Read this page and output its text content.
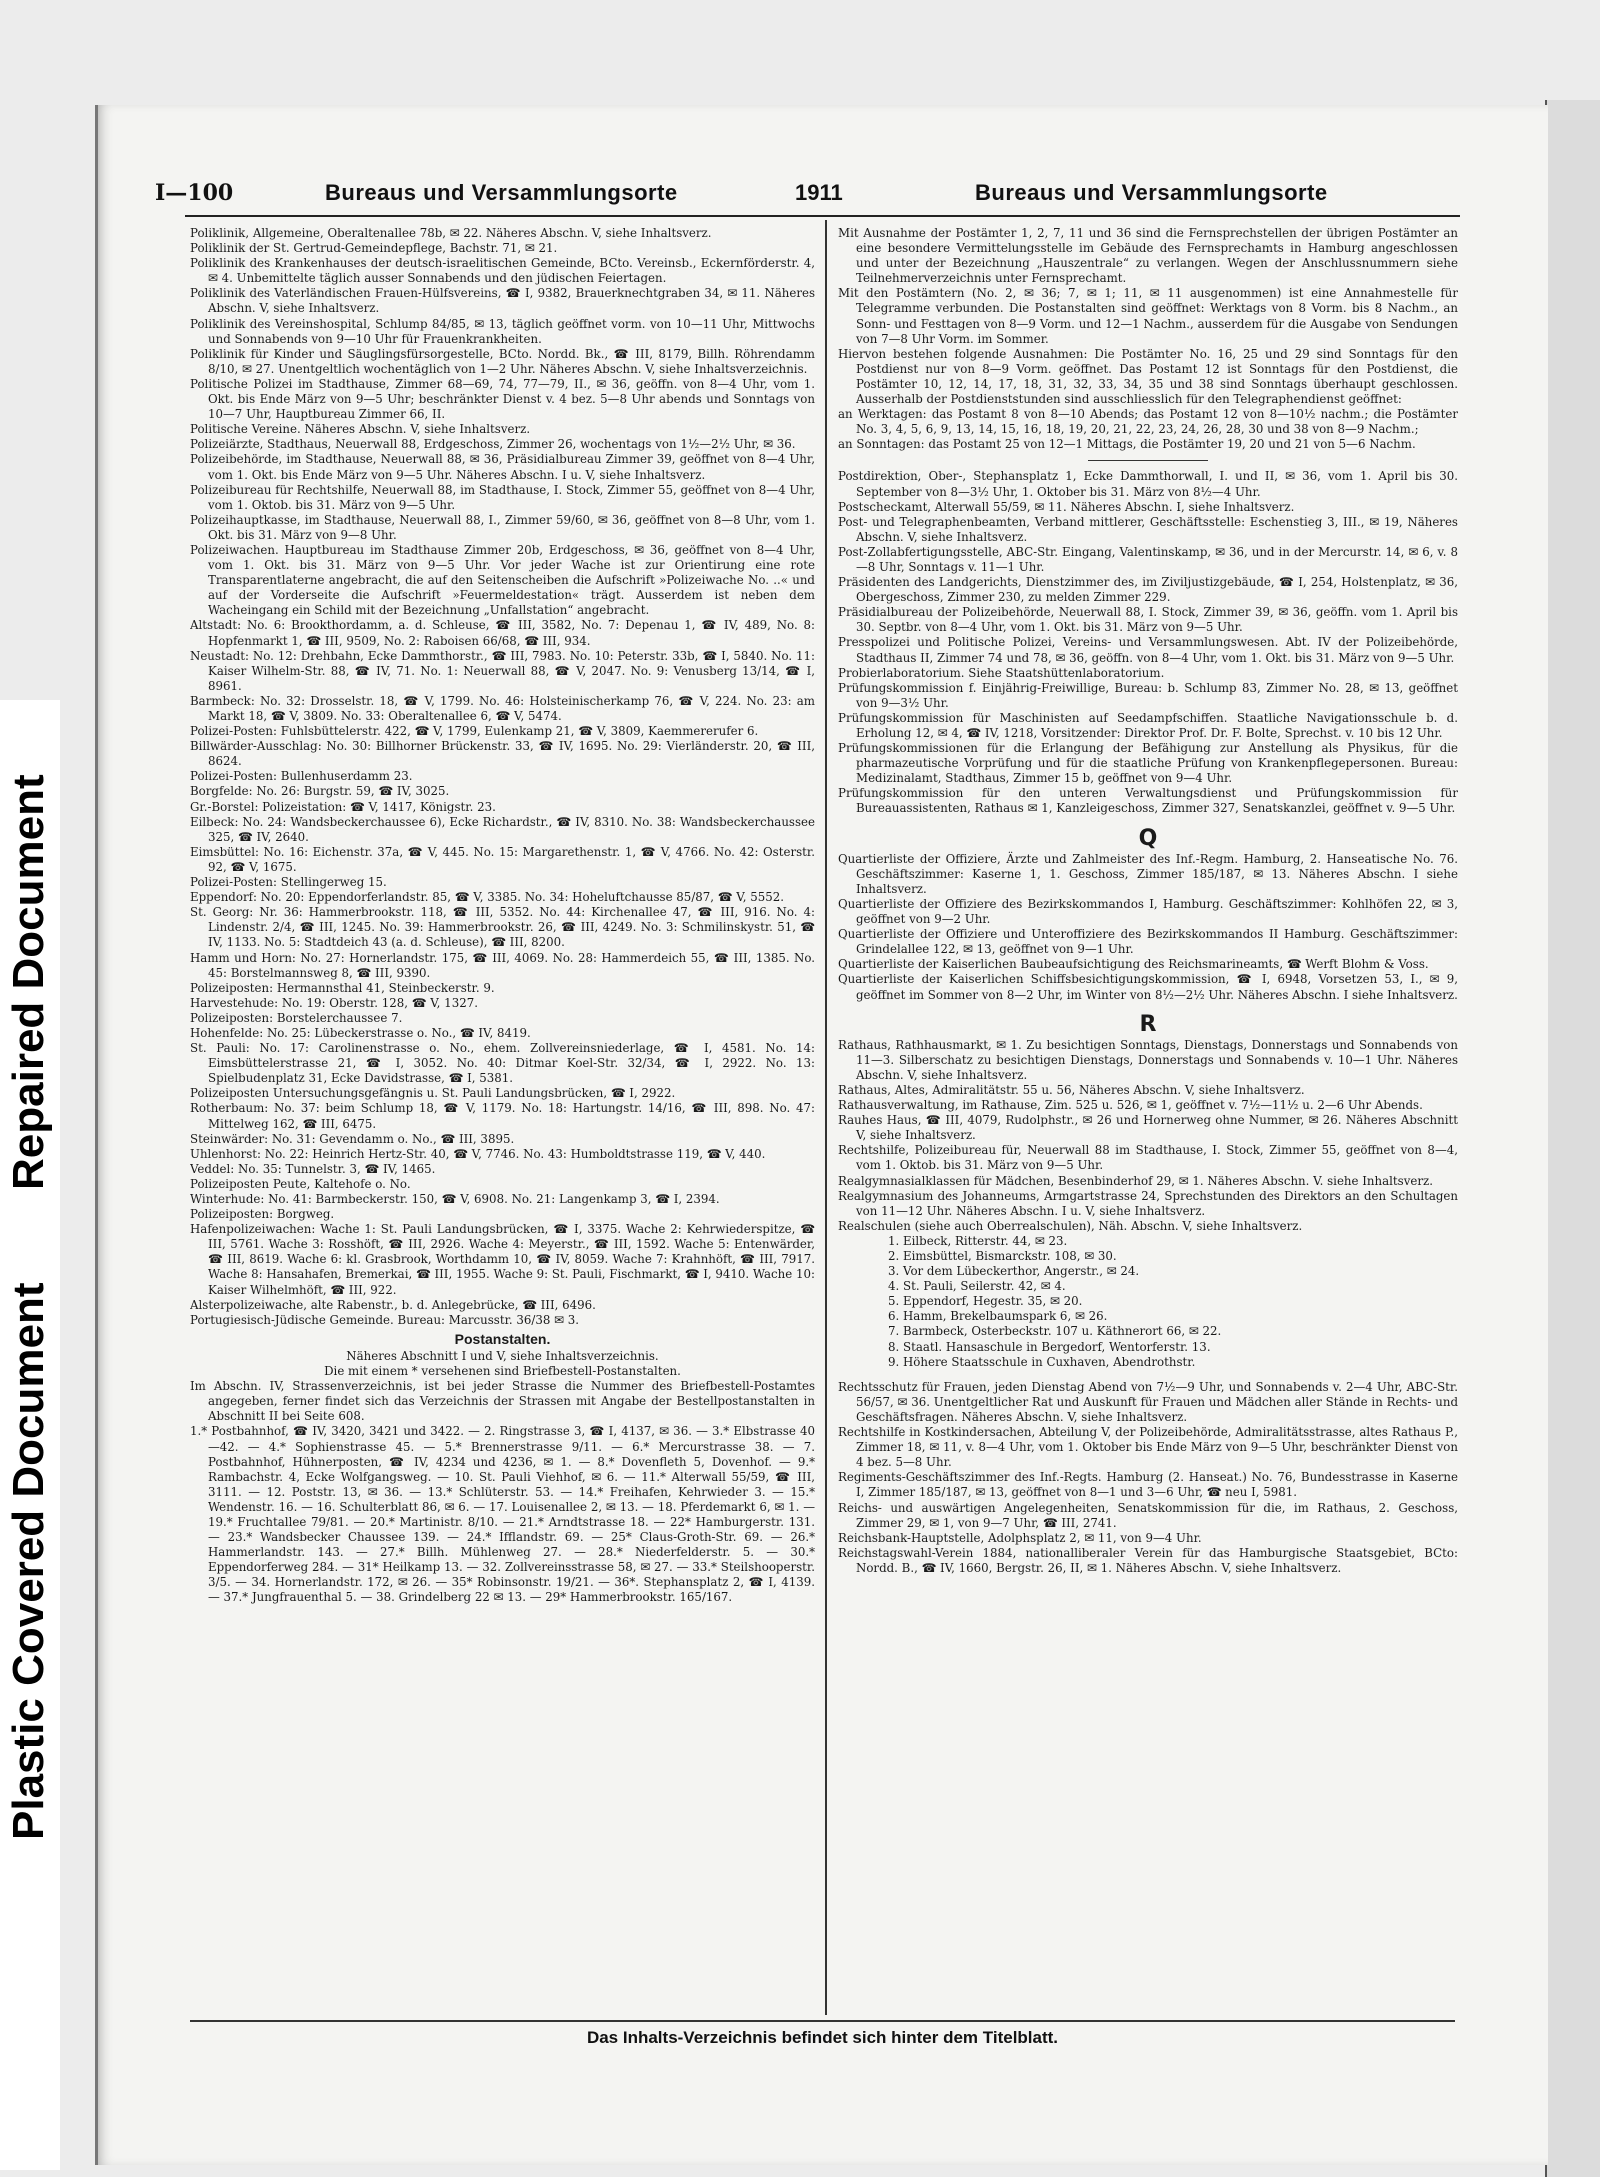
Repaired Document
Plastic Covered Document
I—100	Bureaus und Versammlungsorte	1911	Bureaus und Versammlungsorte

Poliklinik, Allgemeine, Oberaltenallee 78b, ✉ 22. Näheres Abschn. V, siehe Inhaltsverz.

Poliklinik der St. Gertrud-Gemeindepflege, Bachstr. 71, ✉ 21.

Poliklinik des Krankenhauses der deutsch-israelitischen Gemeinde, BCto. Vereinsb., Eckernförderstr. 4, ✉ 4. Unbemittelte täglich ausser Sonnabends und den jüdischen Feiertagen.

Poliklinik des Vaterländischen Frauen-Hülfsvereins, ☎ I, 9382, Brauerknechtgraben 34, ✉ 11. Näheres Abschn. V, siehe Inhaltsverz.

Poliklinik des Vereinshospital, Schlump 84/85, ✉ 13, täglich geöffnet vorm. von 10—11 Uhr, Mittwochs und Sonnabends von 9—10 Uhr für Frauenkrankheiten.

Poliklinik für Kinder und Säuglingsfürsorgestelle, BCto. Nordd. Bk., ☎ III, 8179, Billh. Röhrendamm 8/10, ✉ 27. Unentgeltlich wochentäglich von 1—2 Uhr. Näheres Abschn. V, siehe Inhaltsverzeichnis.

Politische Polizei im Stadthause, Zimmer 68—69, 74, 77—79, II., ✉ 36, geöffn. von 8—4 Uhr, vom 1. Okt. bis Ende März von 9—5 Uhr; beschränkter Dienst v. 4 bez. 5—8 Uhr abends und Sonntags von 10—7 Uhr, Hauptbureau Zimmer 66, II.

Politische Vereine. Näheres Abschn. V, siehe Inhaltsverz.

Polizeiärzte, Stadthaus, Neuerwall 88, Erdgeschoss, Zimmer 26, wochentags von 1½—2½ Uhr, ✉ 36.

Polizeibehörde, im Stadthause, Neuerwall 88, ✉ 36, Präsidialbureau Zimmer 39, geöffnet von 8—4 Uhr, vom 1. Okt. bis Ende März von 9—5 Uhr. Näheres Abschn. I u. V, siehe Inhaltsverz.

Polizeibureau für Rechtshilfe, Neuerwall 88, im Stadthause, I. Stock, Zimmer 55, geöffnet von 8—4 Uhr, vom 1. Oktob. bis 31. März von 9—5 Uhr.

Polizeihauptkasse, im Stadthause, Neuerwall 88, I., Zimmer 59/60, ✉ 36, geöffnet von 8—8 Uhr, vom 1. Okt. bis 31. März von 9—8 Uhr.

Polizeiwachen. Hauptbureau im Stadthause Zimmer 20b, Erdgeschoss, ✉ 36, geöffnet von 8—4 Uhr, vom 1. Okt. bis 31. März von 9—5 Uhr. Vor jeder Wache ist zur Orientirung eine rote Transparentlaterne angebracht, die auf den Seitenscheiben die Aufschrift »Polizeiwache No. ..« und auf der Vorderseite die Aufschrift »Feuermeldestation« trägt. Ausserdem ist neben dem Wacheingang ein Schild mit der Bezeichnung „Unfallstation“ angebracht.

Altstadt: No. 6: Brookthordamm, a. d. Schleuse, ☎ III, 3582, No. 7: Depenau 1, ☎ IV, 489, No. 8: Hopfenmarkt 1, ☎ III, 9509, No. 2: Raboisen 66/68, ☎ III, 934.

Neustadt: No. 12: Drehbahn, Ecke Dammthorstr., ☎ III, 7983. No. 10: Peterstr. 33b, ☎ I, 5840. No. 11: Kaiser Wilhelm-Str. 88, ☎ IV, 71. No. 1: Neuerwall 88, ☎ V, 2047. No. 9: Venusberg 13/14, ☎ I, 8961.

Barmbeck: No. 32: Drosselstr. 18, ☎ V, 1799. No. 46: Holsteinischerkamp 76, ☎ V, 224. No. 23: am Markt 18, ☎ V, 3809. No. 33: Oberaltenallee 6, ☎ V, 5474.

Polizei-Posten: Fuhlsbüttelerstr. 422, ☎ V, 1799, Eulenkamp 21, ☎ V, 3809, Kaemmererufer 6.

Billwärder-Ausschlag: No. 30: Billhorner Brückenstr. 33, ☎ IV, 1695. No. 29: Vierländerstr. 20, ☎ III, 8624.

Polizei-Posten: Bullenhuserdamm 23.

Borgfelde: No. 26: Burgstr. 59, ☎ IV, 3025.

Gr.-Borstel: Polizeistation: ☎ V, 1417, Königstr. 23.

Eilbeck: No. 24: Wandsbeckerchaussee 6), Ecke Richardstr., ☎ IV, 8310. No. 38: Wandsbeckerchaussee 325, ☎ IV, 2640.

Eimsbüttel: No. 16: Eichenstr. 37a, ☎ V, 445. No. 15: Margarethenstr. 1, ☎ V, 4766. No. 42: Osterstr. 92, ☎ V, 1675.

Polizei-Posten: Stellingerweg 15.

Eppendorf: No. 20: Eppendorferlandstr. 85, ☎ V, 3385. No. 34: Hoheluftchausse 85/87, ☎ V, 5552.

St. Georg: Nr. 36: Hammerbrookstr. 118, ☎ III, 5352. No. 44: Kirchenallee 47, ☎ III, 916. No. 4: Lindenstr. 2/4, ☎ III, 1245. No. 39: Hammerbrookstr. 26, ☎ III, 4249. No. 3: Schmilinskystr. 51, ☎ IV, 1133. No. 5: Stadtdeich 43 (a. d. Schleuse), ☎ III, 8200.

Hamm und Horn: No. 27: Hornerlandstr. 175, ☎ III, 4069. No. 28: Hammerdeich 55, ☎ III, 1385. No. 45: Borstelmannsweg 8, ☎ III, 9390.

Polizeiposten: Hermannsthal 41, Steinbeckerstr. 9.

Harvestehude: No. 19: Oberstr. 128, ☎ V, 1327.

Polizeiposten: Borstelerchaussee 7.

Hohenfelde: No. 25: Lübeckerstrasse o. No., ☎ IV, 8419.

St. Pauli: No. 17: Carolinenstrasse o. No., ehem. Zollvereinsniederlage, ☎ I, 4581. No. 14: Eimsbüttelerstrasse 21, ☎ I, 3052. No. 40: Ditmar Koel-Str. 32/34, ☎ I, 2922. No. 13: Spielbudenplatz 31, Ecke Davidstrasse, ☎ I, 5381.

Polizeiposten Untersuchungsgefängnis u. St. Pauli Landungsbrücken, ☎ I, 2922.

Rotherbaum: No. 37: beim Schlump 18, ☎ V, 1179. No. 18: Hartungstr. 14/16, ☎ III, 898. No. 47: Mittelweg 162, ☎ III, 6475.

Steinwärder: No. 31: Gevendamm o. No., ☎ III, 3895.

Uhlenhorst: No. 22: Heinrich Hertz-Str. 40, ☎ V, 7746. No. 43: Humboldtstrasse 119, ☎ V, 440.

Veddel: No. 35: Tunnelstr. 3, ☎ IV, 1465.

Polizeiposten Peute, Kaltehofe o. No.

Winterhude: No. 41: Barmbeckerstr. 150, ☎ V, 6908. No. 21: Langenkamp 3, ☎ I, 2394.

Polizeiposten: Borgweg.

Hafenpolizeiwachen: Wache 1: St. Pauli Landungsbrücken, ☎ I, 3375. Wache 2: Kehrwiederspitze, ☎ III, 5761. Wache 3: Rosshöft, ☎ III, 2926. Wache 4: Meyerstr., ☎ III, 1592. Wache 5: Entenwärder, ☎ III, 8619. Wache 6: kl. Grasbrook, Worthdamm 10, ☎ IV, 8059. Wache 7: Krahnhöft, ☎ III, 7917. Wache 8: Hansahafen, Bremerkai, ☎ III, 1955. Wache 9: St. Pauli, Fischmarkt, ☎ I, 9410. Wache 10: Kaiser Wilhelmhöft, ☎ III, 922.

Alsterpolizeiwache, alte Rabenstr., b. d. Anlegebrücke, ☎ III, 6496.

Portugiesisch-Jüdische Gemeinde. Bureau: Marcusstr. 36/38 ✉ 3.

Postanstalten.

Näheres Abschnitt I und V, siehe Inhaltsverzeichnis.

Die mit einem * versehenen sind Briefbestell-Postanstalten.

Im Abschn. IV, Strassenverzeichnis, ist bei jeder Strasse die Nummer des Briefbestell-Postamtes angegeben, ferner findet sich das Verzeichnis der Strassen mit Angabe der Bestellpostanstalten in Abschnitt II bei Seite 608.

1.* Postbahnhof, ☎ IV, 3420, 3421 und 3422. — 2. Ringstrasse 3, ☎ I, 4137, ✉ 36. — 3.* Elbstrasse 40—42. — 4.* Sophienstrasse 45. — 5.* Brennerstrasse 9/11. — 6.* Mercurstrasse 38. — 7. Postbahnhof, Hühnerposten, ☎ IV, 4234 und 4236, ✉ 1. — 8.* Dovenfleth 5, Dovenhof. — 9.* Rambachstr. 4, Ecke Wolfgangsweg. — 10. St. Pauli Viehhof, ✉ 6. — 11.* Alterwall 55/59, ☎ III, 3111. — 12. Poststr. 13, ✉ 36. — 13.* Schlüterstr. 53. — 14.* Freihafen, Kehrwieder 3. — 15.* Wendenstr. 16. — 16. Schulterblatt 86, ✉ 6. — 17. Louisenallee 2, ✉ 13. — 18. Pferdemarkt 6, ✉ 1. — 19.* Fruchtallee 79/81. — 20.* Martinistr. 8/10. — 21.* Arndtstrasse 18. — 22* Hamburgerstr. 131. — 23.* Wandsbecker Chaussee 139. — 24.* Ifflandstr. 69. — 25* Claus-Groth-Str. 69. — 26.* Hammerlandstr. 143. — 27.* Billh. Mühlenweg 27. — 28.* Niederfelderstr. 5. — 30.* Eppendorferweg 284. — 31* Heilkamp 13. — 32. Zollvereinsstrasse 58, ✉ 27. — 33.* Steilshooperstr. 3/5. — 34. Hornerlandstr. 172, ✉ 26. — 35* Robinsonstr. 19/21. — 36*. Stephansplatz 2, ☎ I, 4139. — 37.* Jungfrauenthal 5. — 38. Grindelberg 22 ✉ 13. — 29* Hammerbrookstr. 165/167.

Mit Ausnahme der Postämter 1, 2, 7, 11 und 36 sind die Fernsprechstellen der übrigen Postämter an eine besondere Vermittelungsstelle im Gebäude des Fernsprechamts in Hamburg angeschlossen und unter der Bezeichnung „Hauszentrale“ zu verlangen. Wegen der Anschlussnummern siehe Teilnehmerverzeichnis unter Fernsprechamt.

Mit den Postämtern (No. 2, ✉ 36; 7, ✉ 1; 11, ✉ 11 ausgenommen) ist eine Annahmestelle für Telegramme verbunden. Die Postanstalten sind geöffnet: Werktags von 8 Vorm. bis 8 Nachm., an Sonn- und Festtagen von 8—9 Vorm. und 12—1 Nachm., ausserdem für die Ausgabe von Sendungen von 7—8 Uhr Vorm. im Sommer.

Hiervon bestehen folgende Ausnahmen: Die Postämter No. 16, 25 und 29 sind Sonntags für den Postdienst nur von 8—9 Vorm. geöffnet. Das Postamt 12 ist Sonntags für den Postdienst, die Postämter 10, 12, 14, 17, 18, 31, 32, 33, 34, 35 und 38 sind Sonntags überhaupt geschlossen. Ausserhalb der Postdienststunden sind ausschliesslich für den Telegraphendienst geöffnet:

an Werktagen: das Postamt 8 von 8—10 Abends; das Postamt 12 von 8—10½ nachm.; die Postämter No. 3, 4, 5, 6, 9, 13, 14, 15, 16, 18, 19, 20, 21, 22, 23, 24, 26, 28, 30 und 38 von 8—9 Nachm.;

an Sonntagen: das Postamt 25 von 12—1 Mittags, die Postämter 19, 20 und 21 von 5—6 Nachm.

Postdirektion, Ober-, Stephansplatz 1, Ecke Dammthorwall, I. und II, ✉ 36, vom 1. April bis 30. September von 8—3½ Uhr, 1. Oktober bis 31. März von 8½—4 Uhr.

Postscheckamt, Alterwall 55/59, ✉ 11. Näheres Abschn. I, siehe Inhaltsverz.

Post- und Telegraphenbeamten, Verband mittlerer, Geschäftsstelle: Eschenstieg 3, III., ✉ 19, Näheres Abschn. V, siehe Inhaltsverz.

Post-Zollabfertigungsstelle, ABC-Str. Eingang, Valentinskamp, ✉ 36, und in der Mercurstr. 14, ✉ 6, v. 8—8 Uhr, Sonntags v. 11—1 Uhr.

Präsidenten des Landgerichts, Dienstzimmer des, im Ziviljustizgebäude, ☎ I, 254, Holstenplatz, ✉ 36, Obergeschoss, Zimmer 230, zu melden Zimmer 229.

Präsidialbureau der Polizeibehörde, Neuerwall 88, I. Stock, Zimmer 39, ✉ 36, geöffn. vom 1. April bis 30. Septbr. von 8—4 Uhr, vom 1. Okt. bis 31. März von 9—5 Uhr.

Presspolizei und Politische Polizei, Vereins- und Versammlungswesen. Abt. IV der Polizeibehörde, Stadthaus II, Zimmer 74 und 78, ✉ 36, geöffn. von 8—4 Uhr, vom 1. Okt. bis 31. März von 9—5 Uhr.

Probierlaboratorium. Siehe Staatshüttenlaboratorium.

Prüfungskommission f. Einjährig-Freiwillige, Bureau: b. Schlump 83, Zimmer No. 28, ✉ 13, geöffnet von 9—3½ Uhr.

Prüfungskommission für Maschinisten auf Seedampfschiffen. Staatliche Navigationsschule b. d. Erholung 12, ✉ 4, ☎ IV, 1218, Vorsitzender: Direktor Prof. Dr. F. Bolte, Sprechst. v. 10 bis 12 Uhr.

Prüfungskommissionen für die Erlangung der Befähigung zur Anstellung als Physikus, für die pharmazeutische Vorprüfung und für die staatliche Prüfung von Krankenpflegepersonen. Bureau: Medizinalamt, Stadthaus, Zimmer 15 b, geöffnet von 9—4 Uhr.

Prüfungskommission für den unteren Verwaltungsdienst und Prüfungskommission für Bureauassistenten, Rathaus ✉ 1, Kanzleigeschoss, Zimmer 327, Senatskanzlei, geöffnet v. 9—5 Uhr.

Q

Quartierliste der Offiziere, Ärzte und Zahlmeister des Inf.-Regm. Hamburg, 2. Hanseatische No. 76. Geschäftszimmer: Kaserne 1, 1. Geschoss, Zimmer 185/187, ✉ 13. Näheres Abschn. I siehe Inhaltsverz.

Quartierliste der Offiziere des Bezirkskommandos I, Hamburg. Geschäftszimmer: Kohlhöfen 22, ✉ 3, geöffnet von 9—2 Uhr.

Quartierliste der Offiziere und Unteroffiziere des Bezirkskommandos II Hamburg. Geschäftszimmer: Grindelallee 122, ✉ 13, geöffnet von 9—1 Uhr.

Quartierliste der Kaiserlichen Baubeaufsichtigung des Reichsmarineamts, ☎ Werft Blohm & Voss.

Quartierliste der Kaiserlichen Schiffsbesichtigungskommission, ☎ I, 6948, Vorsetzen 53, I., ✉ 9, geöffnet im Sommer von 8—2 Uhr, im Winter von 8½—2½ Uhr. Näheres Abschn. I siehe Inhaltsverz.

R

Rathaus, Rathhausmarkt, ✉ 1. Zu besichtigen Sonntags, Dienstags, Donnerstags und Sonnabends von 11—3. Silberschatz zu besichtigen Dienstags, Donnerstags und Sonnabends v. 10—1 Uhr. Näheres Abschn. V, siehe Inhaltsverz.

Rathaus, Altes, Admiralitätstr. 55 u. 56, Näheres Abschn. V, siehe Inhaltsverz.

Rathausverwaltung, im Rathause, Zim. 525 u. 526, ✉ 1, geöffnet v. 7½—11½ u. 2—6 Uhr Abends.

Rauhes Haus, ☎ III, 4079, Rudolphstr., ✉ 26 und Hornerweg ohne Nummer, ✉ 26. Näheres Abschnitt V, siehe Inhaltsverz.

Rechtshilfe, Polizeibureau für, Neuerwall 88 im Stadthause, I. Stock, Zimmer 55, geöffnet von 8—4, vom 1. Oktob. bis 31. März von 9—5 Uhr.

Realgymnasialklassen für Mädchen, Besenbinderhof 29, ✉ 1. Näheres Abschn. V. siehe Inhaltsverz.

Realgymnasium des Johanneums, Armgartstrasse 24, Sprechstunden des Direktors an den Schultagen von 11—12 Uhr. Näheres Abschn. I u. V, siehe Inhaltsverz.

Realschulen (siehe auch Oberrealschulen), Näh. Abschn. V, siehe Inhaltsverz.

1. Eilbeck, Ritterstr. 44, ✉ 23.

2. Eimsbüttel, Bismarckstr. 108, ✉ 30.

3. Vor dem Lübeckerthor, Angerstr., ✉ 24.

4. St. Pauli, Seilerstr. 42, ✉ 4.

5. Eppendorf, Hegestr. 35, ✉ 20.

6. Hamm, Brekelbaumspark 6, ✉ 26.

7. Barmbeck, Osterbeckstr. 107 u. Käthnerort 66, ✉ 22.

8. Staatl. Hansaschule in Bergedorf, Wentorferstr. 13.

9. Höhere Staatsschule in Cuxhaven, Abendrothstr.

Rechtsschutz für Frauen, jeden Dienstag Abend von 7½—9 Uhr, und Sonnabends v. 2—4 Uhr, ABC-Str. 56/57, ✉ 36. Unentgeltlicher Rat und Auskunft für Frauen und Mädchen aller Stände in Rechts- und Geschäftsfragen. Näheres Abschn. V, siehe Inhaltsverz.

Rechtshilfe in Kostkindersachen, Abteilung V, der Polizeibehörde, Admiralitätsstrasse, altes Rathaus P., Zimmer 18, ✉ 11, v. 8—4 Uhr, vom 1. Oktober bis Ende März von 9—5 Uhr, beschränkter Dienst von 4 bez. 5—8 Uhr.

Regiments-Geschäftszimmer des Inf.-Regts. Hamburg (2. Hanseat.) No. 76, Bundesstrasse in Kaserne I, Zimmer 185/187, ✉ 13, geöffnet von 8—1 und 3—6 Uhr, ☎ neu I, 5981.

Reichs- und auswärtigen Angelegenheiten, Senatskommission für die, im Rathaus, 2. Geschoss, Zimmer 29, ✉ 1, von 9—7 Uhr, ☎ III, 2741.

Reichsbank-Hauptstelle, Adolphsplatz 2, ✉ 11, von 9—4 Uhr.

Reichstagswahl-Verein 1884, nationalliberaler Verein für das Hamburgische Staatsgebiet, BCto: Nordd. B., ☎ IV, 1660, Bergstr. 26, II, ✉ 1. Näheres Abschn. V, siehe Inhaltsverz.

Das Inhalts-Verzeichnis befindet sich hinter dem Titelblatt.
